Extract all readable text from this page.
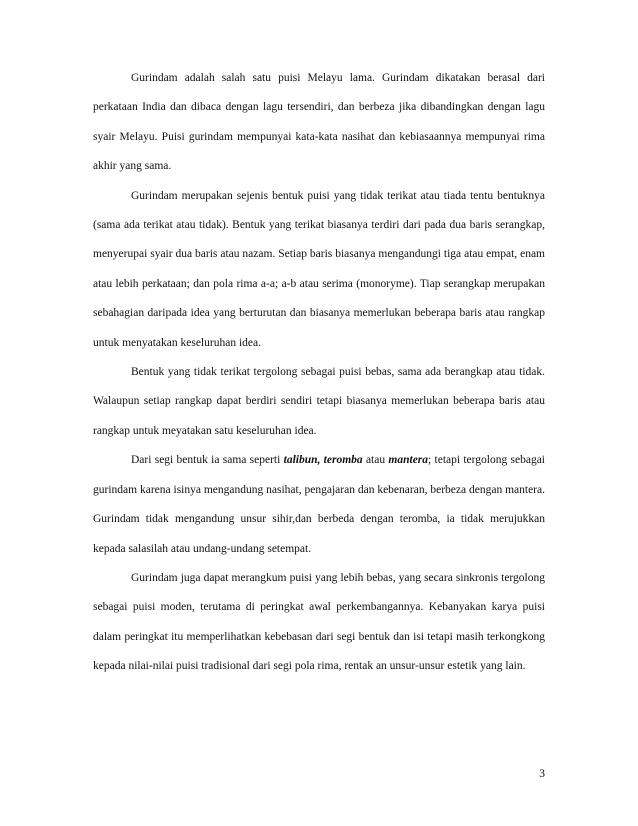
Gurindam adalah salah satu puisi Melayu lama. Gurindam dikatakan berasal dari perkataan India dan dibaca dengan lagu tersendiri, dan berbeza jika dibandingkan dengan lagu syair Melayu. Puisi gurindam mempunyai kata-kata nasihat dan kebiasaannya mempunyai rima akhir yang sama.

Gurindam merupakan sejenis bentuk puisi yang tidak terikat atau tiada tentu bentuknya (sama ada terikat atau tidak). Bentuk yang terikat biasanya terdiri dari pada dua baris serangkap, menyerupai syair dua baris atau nazam. Setiap baris biasanya mengandungi tiga atau empat, enam atau lebih perkataan; dan pola rima a-a; a-b atau serima (monoryme). Tiap serangkap merupakan sebahagian daripada idea yang berturutan dan biasanya memerlukan beberapa baris atau rangkap untuk menyatakan keseluruhan idea.

Bentuk yang tidak terikat tergolong sebagai puisi bebas, sama ada berangkap atau tidak. Walaupun setiap rangkap dapat berdiri sendiri tetapi biasanya memerlukan beberapa baris atau rangkap untuk meyatakan satu keseluruhan idea.

Dari segi bentuk ia sama seperti talibun, teromba atau mantera; tetapi tergolong sebagai gurindam karena isinya mengandung nasihat, pengajaran dan kebenaran, berbeza dengan mantera. Gurindam tidak mengandung unsur sihir,dan berbeda dengan teromba, ia tidak merujukkan kepada salasilah atau undang-undang setempat.

Gurindam juga dapat merangkum puisi yang lebih bebas, yang secara sinkronis tergolong sebagai puisi moden, terutama di peringkat awal perkembangannya. Kebanyakan karya puisi dalam peringkat itu memperlihatkan kebebasan dari segi bentuk dan isi tetapi masih terkongkong kepada nilai-nilai puisi tradisional dari segi pola rima, rentak an unsur-unsur estetik yang lain.

3
